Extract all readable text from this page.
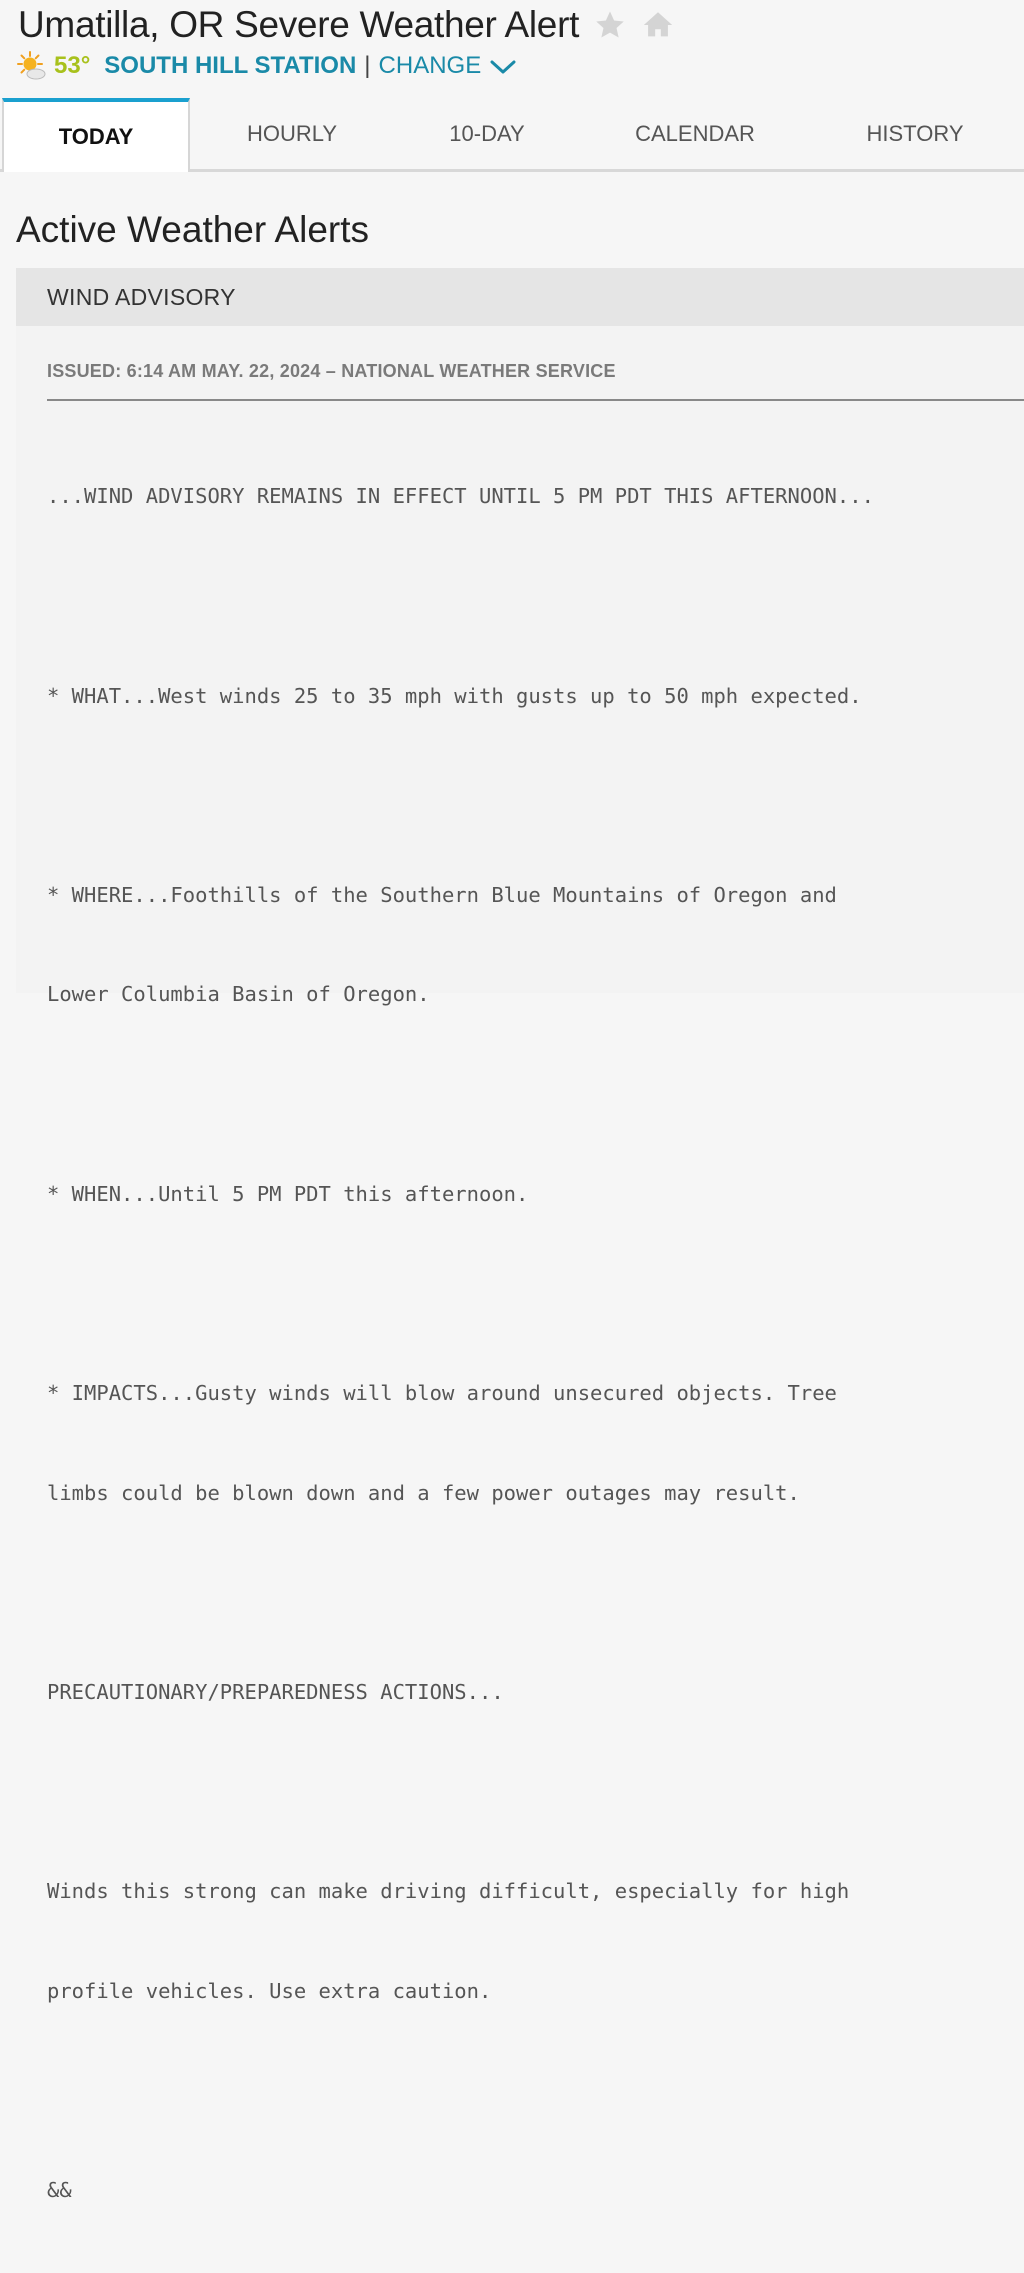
Umatilla, OR Severe Weather Alert
53° SOUTH HILL STATION | CHANGE
TODAY	HOURLY	10-DAY	CALENDAR	HISTORY
Active Weather Alerts
WIND ADVISORY
ISSUED: 6:14 AM MAY. 22, 2024 – NATIONAL WEATHER SERVICE

...WIND ADVISORY REMAINS IN EFFECT UNTIL 5 PM PDT THIS AFTERNOON...

* WHAT...West winds 25 to 35 mph with gusts up to 50 mph expected.

* WHERE...Foothills of the Southern Blue Mountains of Oregon and

Lower Columbia Basin of Oregon.

* WHEN...Until 5 PM PDT this afternoon.

* IMPACTS...Gusty winds will blow around unsecured objects. Tree

limbs could be blown down and a few power outages may result.

PRECAUTIONARY/PREPAREDNESS ACTIONS...

Winds this strong can make driving difficult, especially for high

profile vehicles. Use extra caution.

&&
